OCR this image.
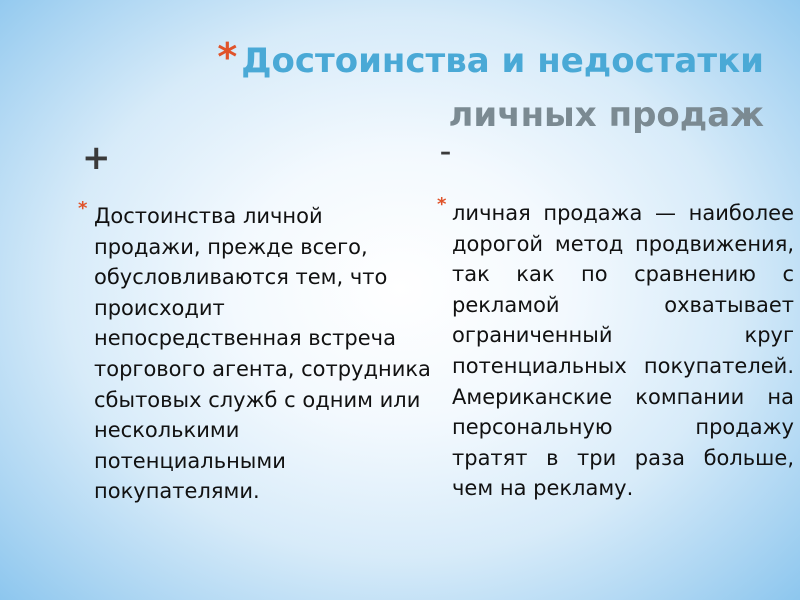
* Достоинства и недостатки
личных продаж
+	–
* Достоинства личной продажи, прежде всего, обусловливаются тем, что происходит непосредственная встреча торгового агента, сотрудника сбытовых служб с одним или несколькими потенциальными покупателями.

* личная продажа — наиболее дорогой метод продвижения, так как по сравнению с рекламой охватывает ограниченный круг потенциальных покупателей. Американские компании на персональную продажу тратят в три раза больше, чем на рекламу.
